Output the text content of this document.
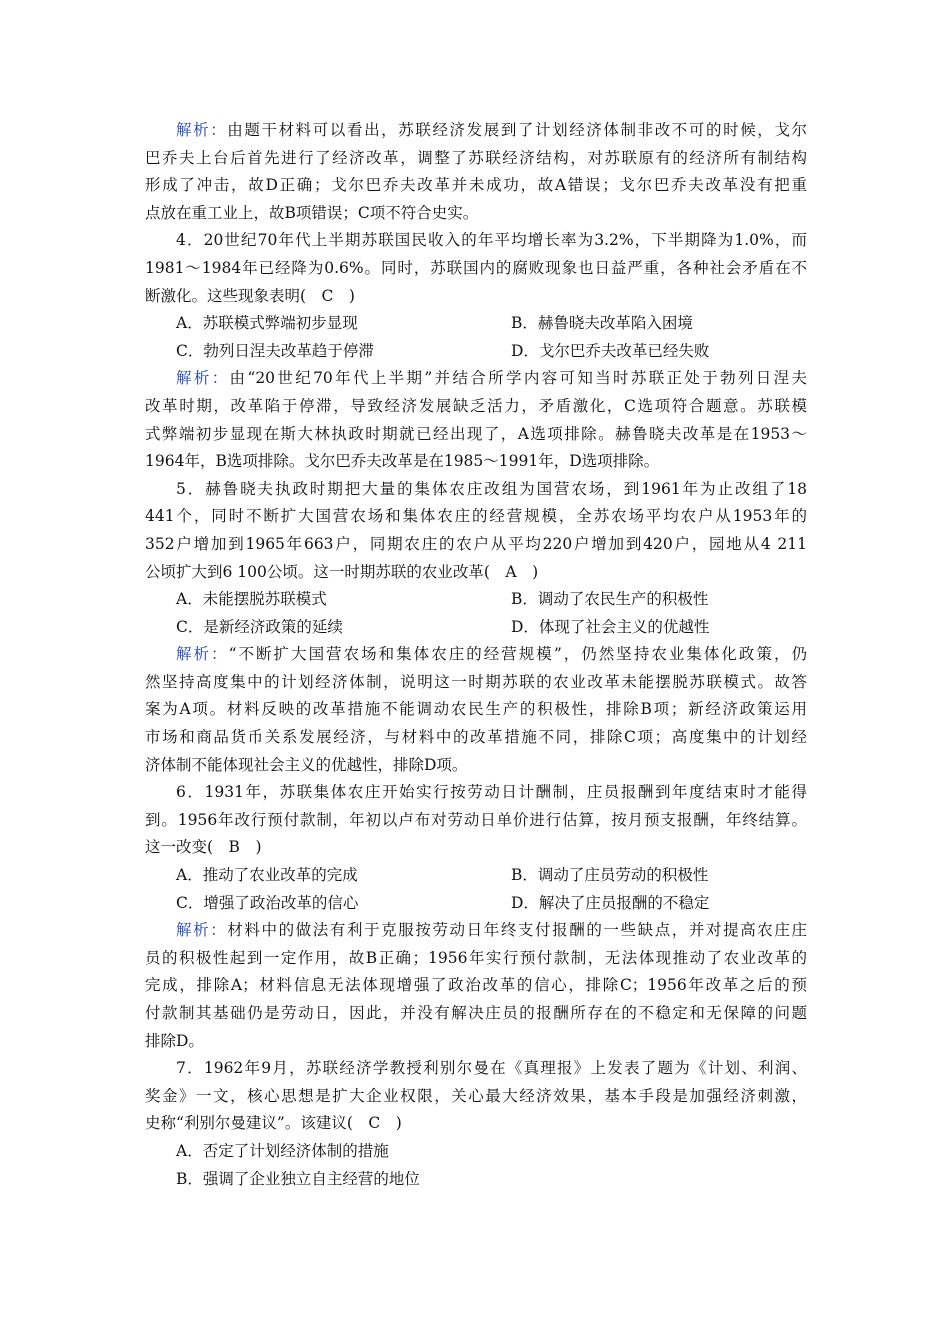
解析：由题干材料可以看出，苏联经济发展到了计划经济体制非改不可的时候，戈尔
巴乔夫上台后首先进行了经济改革，调整了苏联经济结构，对苏联原有的经济所有制结构
形成了冲击，故D正确；戈尔巴乔夫改革并未成功，故A错误；戈尔巴乔夫改革没有把重
点放在重工业上，故B项错误；C项不符合史实。
4．20世纪70年代上半期苏联国民收入的年平均增长率为3.2%，下半期降为1.0%，而
1981～1984年已经降为0.6%。同时，苏联国内的腐败现象也日益严重，各种社会矛盾在不
断激化。这些现象表明(　C　)
A．苏联模式弊端初步显现	B．赫鲁晓夫改革陷入困境
C．勃列日涅夫改革趋于停滞	D．戈尔巴乔夫改革已经失败
解析：由“20世纪70年代上半期”并结合所学内容可知当时苏联正处于勃列日涅夫
改革时期，改革陷于停滞，导致经济发展缺乏活力，矛盾激化，C选项符合题意。苏联模
式弊端初步显现在斯大林执政时期就已经出现了，A选项排除。赫鲁晓夫改革是在1953～
1964年，B选项排除。戈尔巴乔夫改革是在1985～1991年，D选项排除。
5．赫鲁晓夫执政时期把大量的集体农庄改组为国营农场，到1961年为止改组了18
441个，同时不断扩大国营农场和集体农庄的经营规模，全苏农场平均农户从1953年的
352户增加到1965年663户，同期农庄的农户从平均220户增加到420户，园地从4 211
公顷扩大到6 100公顷。这一时期苏联的农业改革(　A　)
A．未能摆脱苏联模式	B．调动了农民生产的积极性
C．是新经济政策的延续	D．体现了社会主义的优越性
解析：“不断扩大国营农场和集体农庄的经营规模”，仍然坚持农业集体化政策，仍
然坚持高度集中的计划经济体制，说明这一时期苏联的农业改革未能摆脱苏联模式。故答
案为A项。材料反映的改革措施不能调动农民生产的积极性，排除B项；新经济政策运用
市场和商品货币关系发展经济，与材料中的改革措施不同，排除C项；高度集中的计划经
济体制不能体现社会主义的优越性，排除D项。
6．1931年，苏联集体农庄开始实行按劳动日计酬制，庄员报酬到年度结束时才能得
到。1956年改行预付款制，年初以卢布对劳动日单价进行估算，按月预支报酬，年终结算。
这一改变(　B　)
A．推动了农业改革的完成	B．调动了庄员劳动的积极性
C．增强了政治改革的信心	D．解决了庄员报酬的不稳定
解析：材料中的做法有利于克服按劳动日年终支付报酬的一些缺点，并对提高农庄庄
员的积极性起到一定作用，故B正确；1956年实行预付款制，无法体现推动了农业改革的
完成，排除A；材料信息无法体现增强了政治改革的信心，排除C；1956年改革之后的预
付款制其基础仍是劳动日，因此，并没有解决庄员的报酬所存在的不稳定和无保障的问题
排除D。
7．1962年9月，苏联经济学教授利别尔曼在《真理报》上发表了题为《计划、利润、
奖金》一文，核心思想是扩大企业权限，关心最大经济效果，基本手段是加强经济刺激，
史称“利别尔曼建议”。该建议(　C　)
A．否定了计划经济体制的措施
B．强调了企业独立自主经营的地位
